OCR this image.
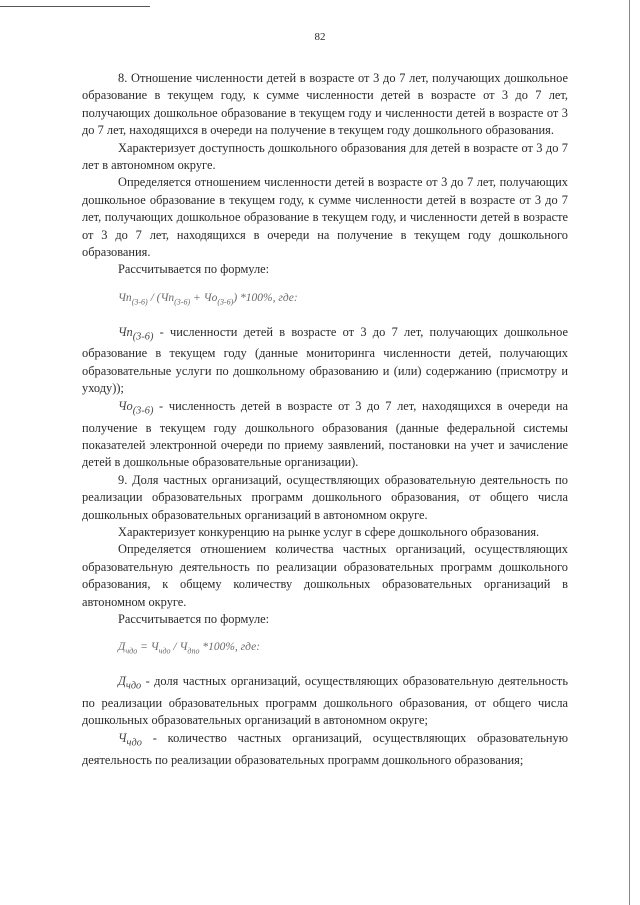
82

8. Отношение численности детей в возрасте от 3 до 7 лет, получающих дошкольное образование в текущем году, к сумме численности детей в возрасте от 3 до 7 лет, получающих дошкольное образование в текущем году и численности детей в возрасте от 3 до 7 лет, находящихся в очереди на получение в текущем году дошкольного образования.

Характеризует доступность дошкольного образования для детей в возрасте от 3 до 7 лет в автономном округе.

Определяется отношением численности детей в возрасте от 3 до 7 лет, получающих дошкольное образование в текущем году, к сумме численности детей в возрасте от 3 до 7 лет, получающих дошкольное образование в текущем году, и численности детей в возрасте от 3 до 7 лет, находящихся в очереди на получение в текущем году дошкольного образования.

Рассчитывается по формуле:

$Чп_{(3-6)} / (Чп_{(3-6)} + Чо_{(3-6)})$ *100%, где:

$Чп_{(3-6)}$ - численности детей в возрасте от 3 до 7 лет, получающих дошкольное образование в текущем году (данные мониторинга численности детей, получающих образовательные услуги по дошкольному образованию и (или) содержанию (присмотру и уходу));

$Чо_{(3-6)}$ - численность детей в возрасте от 3 до 7 лет, находящихся в очереди на получение в текущем году дошкольного образования (данные федеральной системы показателей электронной очереди по приему заявлений, постановки на учет и зачисление детей в дошкольные образовательные организации).

9. Доля частных организаций, осуществляющих образовательную деятельность по реализации образовательных программ дошкольного образования, от общего числа дошкольных образовательных организаций в автономном округе.

Характеризует конкуренцию на рынке услуг в сфере дошкольного образования.

Определяется отношением количества частных организаций, осуществляющих образовательную деятельность по реализации образовательных программ дошкольного образования, к общему количеству дошкольных образовательных организаций в автономном округе.

Рассчитывается по формуле:

$Д_{чдо} = Ч_{чдо} / Ч_{дпо}$ *100%, где:

$Д_{чдо}$ - доля частных организаций, осуществляющих образовательную деятельность по реализации образовательных программ дошкольного образования, от общего числа дошкольных образовательных организаций в автономном округе;

$Ч_{чдо}$ - количество частных организаций, осуществляющих образовательную деятельность по реализации образовательных программ дошкольного образования;
